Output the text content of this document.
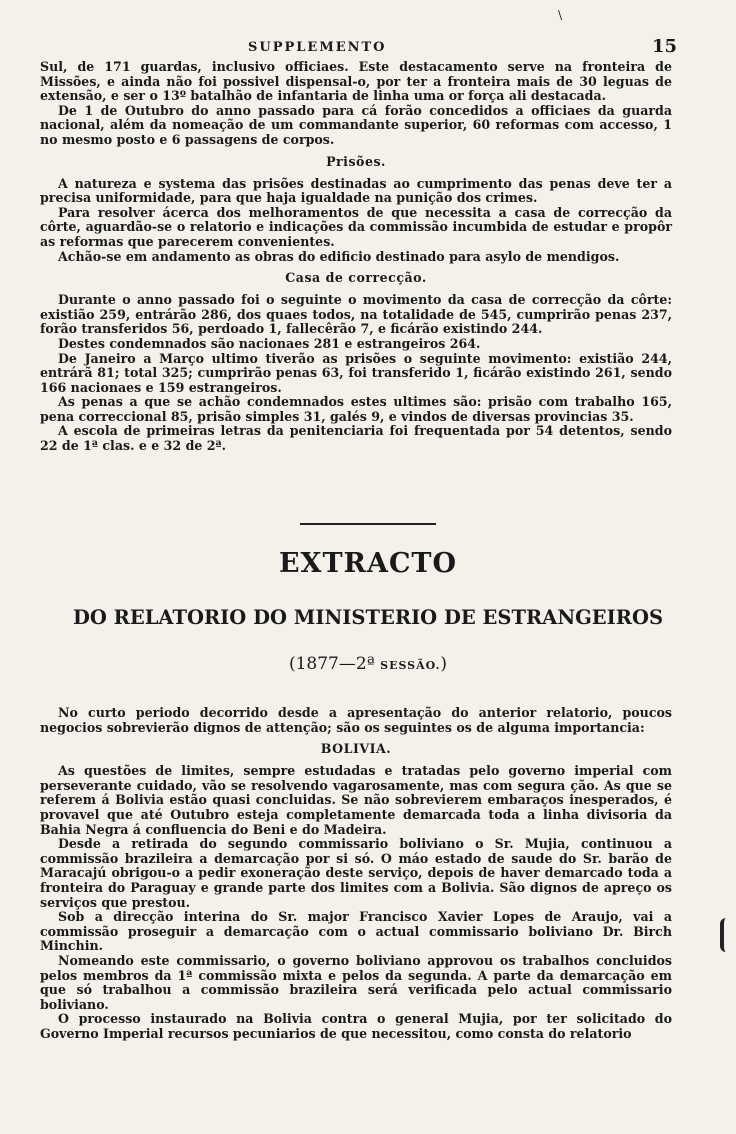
\
SUPPLEMENTO	15

Sul, de 171 guardas, inclusivo officiaes. Este destacamento serve na fronteira de Missões, e ainda não foi possivel dispensal-o, por ter a fronteira mais de 30 leguas de extensão, e ser o 13º batalhão de infantaria de linha uma or força ali destacada.

De 1 de Outubro do anno passado para cá forão concedidos a officiaes da guarda nacional, além da nomeação de um commandante superior, 60 reformas com accesso, 1 no mesmo posto e 6 passagens de corpos.

Prisões.

A natureza e systema das prisões destinadas ao cumprimento das penas deve ter a precisa uniformidade, para que haja igualdade na punição dos crimes.

Para resolver ácerca dos melhoramentos de que necessita a casa de correcção da côrte, aguardão-se o relatorio e indicações da commissão incumbida de estudar e propôr as reformas que parecerem convenientes.

Achão-se em andamento as obras do edificio destinado para asylo de mendigos.

Casa de correcção.

Durante o anno passado foi o seguinte o movimento da casa de correcção da côrte: existião 259, entrárão 286, dos quaes todos, na totalidade de 545, cumprirão penas 237, forão transferidos 56, perdoado 1, fallecêrão 7, e ficárão existindo 244.

Destes condemnados são nacionaes 281 e estrangeiros 264.

De Janeiro a Março ultimo tiverão as prisões o seguinte movimento: existião 244, entrárã 81; total 325; cumprirão penas 63, foi transferido 1, ficárão existindo 261, sendo 166 nacionaes e 159 estrangeiros.

As penas a que se achão condemnados estes ultimes são: prisão com trabalho 165, pena correccional 85, prisão simples 31, galés 9, e vindos de diversas provincias 35.

A escola de primeiras letras da penitenciaria foi frequentada por 54 detentos, sendo 22 de 1ª clas. e e 32 de 2ª.

EXTRACTO
DO RELATORIO DO MINISTERIO DE ESTRANGEIROS
(1877—2ª SESSÃO.)

No curto periodo decorrido desde a apresentação do anterior relatorio, poucos negocios sobrevierão dignos de attenção; são os seguintes os de alguma importancia:

BOLIVIA.

As questões de limites, sempre estudadas e tratadas pelo governo imperial com perseverante cuidado, vão se resolvendo vagarosamente, mas com segura ção. As que se referem á Bolivia estão quasi concluidas. Se não sobrevierem embaraços inesperados, é provavel que até Outubro esteja completamente demarcada toda a linha divisoria da Bahia Negra á confluencia do Beni e do Madeira.

Desde a retirada do segundo commissario boliviano o Sr. Mujia, continuou a commissão brazileira a demarcação por si só. O máo estado de saude do Sr. barão de Maracajú obrigou-o a pedir exoneração deste serviço, depois de haver demarcado toda a fronteira do Paraguay e grande parte dos limites com a Bolivia. São dignos de apreço os serviços que prestou.

Sob a direcção interina do Sr. major Francisco Xavier Lopes de Araujo, vai a commissão proseguir a demarcação com o actual commissario boliviano Dr. Birch Minchin.

Nomeando este commissario, o governo boliviano approvou os trabalhos concluidos pelos membros da 1ª commissão mixta e pelos da segunda. A parte da demarcação em que só trabalhou a commissão brazileira será verificada pelo actual commissario boliviano.

O processo instaurado na Bolivia contra o general Mujia, por ter solicitado do Governo Imperial recursos pecuniarios de que necessitou, como consta do relatorio
